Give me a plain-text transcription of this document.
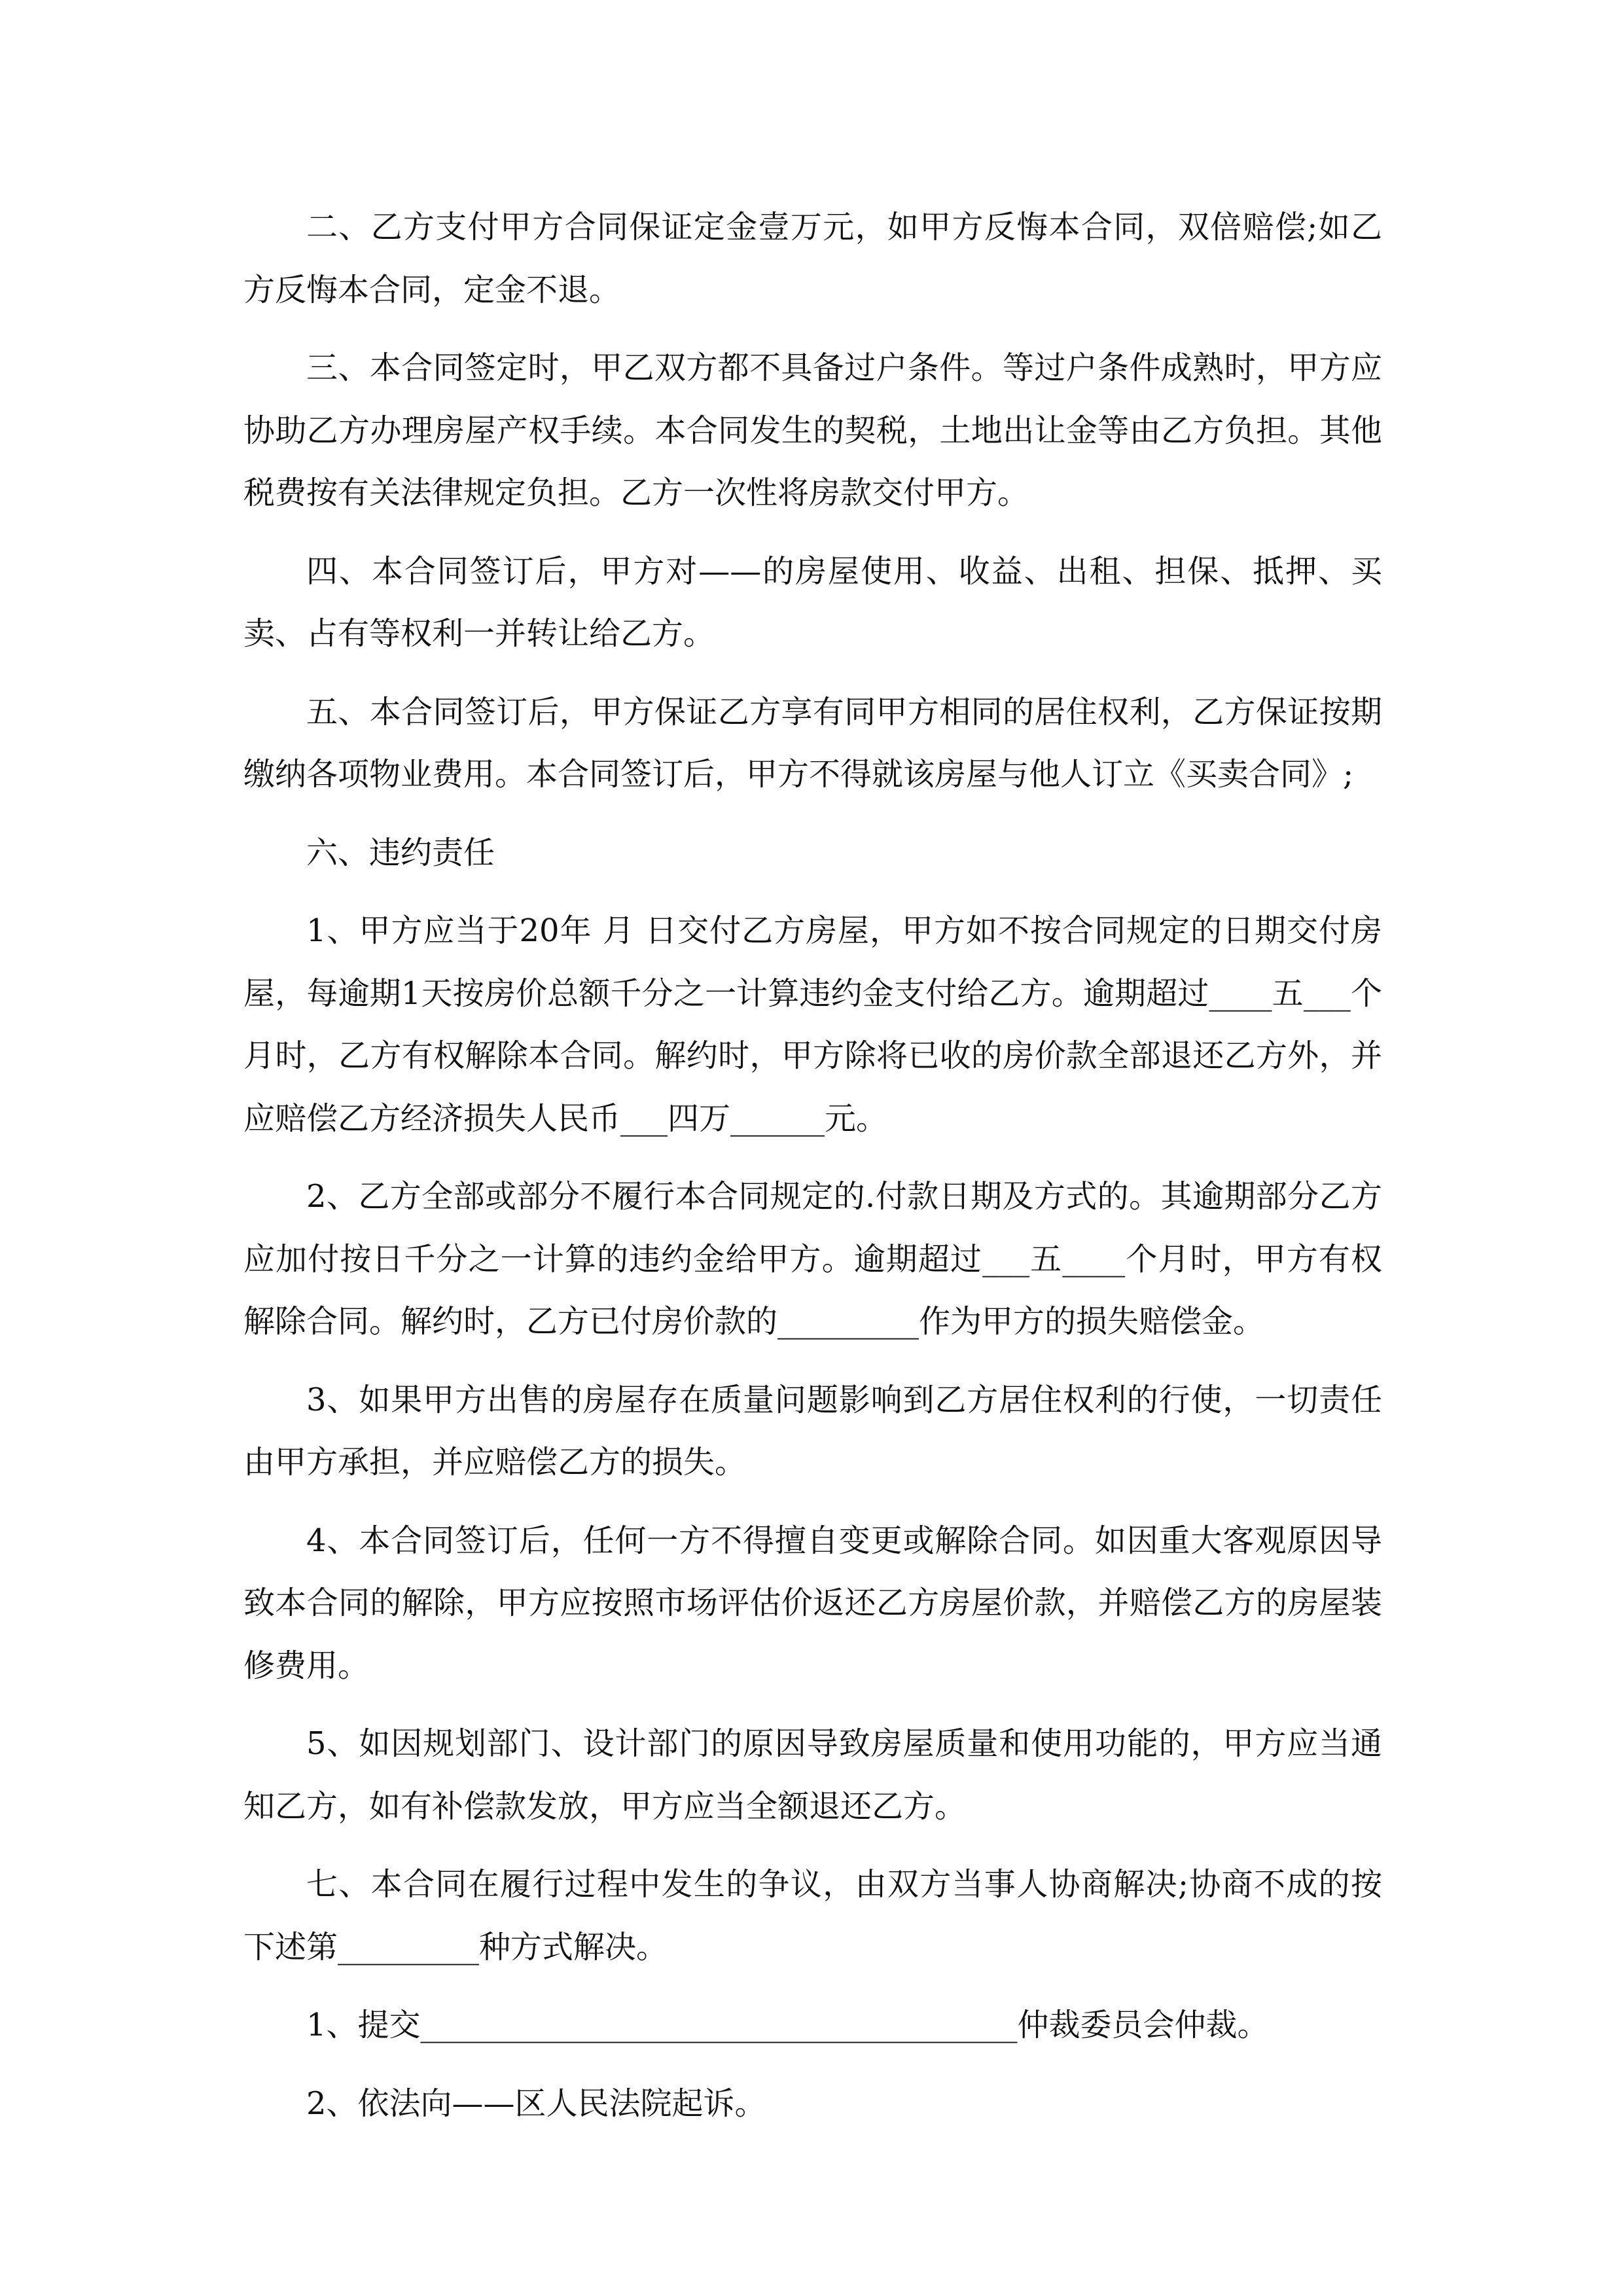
二、乙方支付甲方合同保证定金壹万元，如甲方反悔本合同，双倍赔偿;如乙方反悔本合同，定金不退。

三、本合同签定时，甲乙双方都不具备过户条件。等过户条件成熟时，甲方应协助乙方办理房屋产权手续。本合同发生的契税，土地出让金等由乙方负担。其他税费按有关法律规定负担。乙方一次性将房款交付甲方。

四、本合同签订后，甲方对——的房屋使用、收益、出租、担保、抵押、买卖、占有等权利一并转让给乙方。

五、本合同签订后，甲方保证乙方享有同甲方相同的居住权利，乙方保证按期缴纳各项物业费用。本合同签订后，甲方不得就该房屋与他人订立《买卖合同》;

六、违约责任

1、甲方应当于20年 月 日交付乙方房屋，甲方如不按合同规定的日期交付房屋，每逾期1天按房价总额千分之一计算违约金支付给乙方。逾期超过____五___个月时，乙方有权解除本合同。解约时，甲方除将已收的房价款全部退还乙方外，并应赔偿乙方经济损失人民币___四万______元。

2、乙方全部或部分不履行本合同规定的.付款日期及方式的。其逾期部分乙方应加付按日千分之一计算的违约金给甲方。逾期超过___五____个月时，甲方有权解除合同。解约时，乙方已付房价款的_________作为甲方的损失赔偿金。

3、如果甲方出售的房屋存在质量问题影响到乙方居住权利的行使，一切责任由甲方承担，并应赔偿乙方的损失。

4、本合同签订后，任何一方不得擅自变更或解除合同。如因重大客观原因导致本合同的解除，甲方应按照市场评估价返还乙方房屋价款，并赔偿乙方的房屋装修费用。

5、如因规划部门、设计部门的原因导致房屋质量和使用功能的，甲方应当通知乙方，如有补偿款发放，甲方应当全额退还乙方。

七、本合同在履行过程中发生的争议，由双方当事人协商解决;协商不成的按下述第_________种方式解决。

1、提交______________________________________仲裁委员会仲裁。

2、依法向——区人民法院起诉。
